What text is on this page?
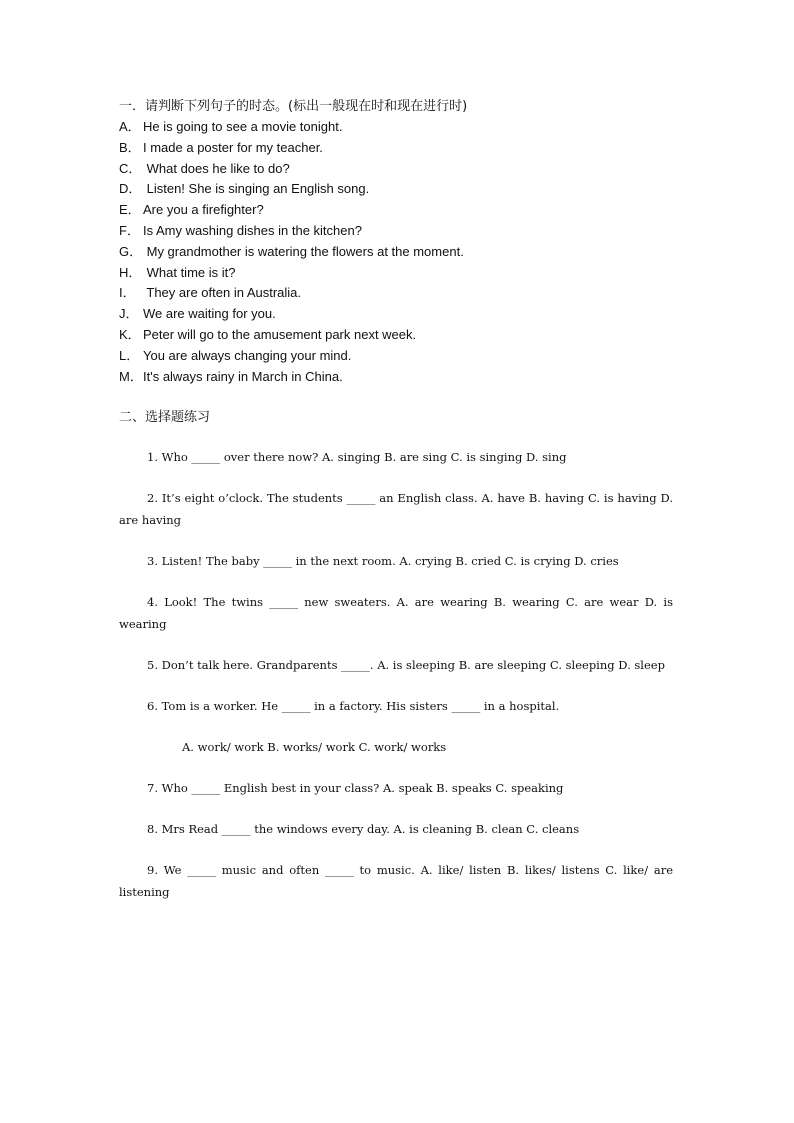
一．请判断下列句子的时态。(标出一般现在时和现在进行时)

A． He is going to see a movie tonight.
B． I made a poster for my teacher.
C． What does he like to do?
D． Listen! She is singing an English song.
E． Are you a firefighter?
F． Is Amy washing dishes in the kitchen?
G． My grandmother is watering the flowers at the moment.
H． What time is it?
I． They are often in Australia.
J． We are waiting for you.
K． Peter will go to the amusement park next week.
L． You are always changing your mind.
M．It's always rainy in March in China.

二、选择题练习

1. Who _____ over there now? A. singing B. are sing C. is singing D. sing

2. It’s eight o’clock. The students _____ an English class. A. have B. having C. is having D. are having

3. Listen! The baby _____ in the next room. A. crying B. cried C. is crying D. cries

4. Look! The twins _____ new sweaters. A. are wearing B. wearing C. are wear D. is wearing

5. Don’t talk here. Grandparents _____. A. is sleeping B. are sleeping C. sleeping D. sleep

6. Tom is a worker. He _____ in a factory. His sisters _____ in a hospital.

A. work/ work B. works/ work C. work/ works

7. Who _____ English best in your class? A. speak B. speaks C. speaking

8. Mrs Read _____ the windows every day. A. is cleaning B. clean C. cleans

9. We _____ music and often _____ to music. A. like/ listen B. likes/ listens C. like/ are listening
